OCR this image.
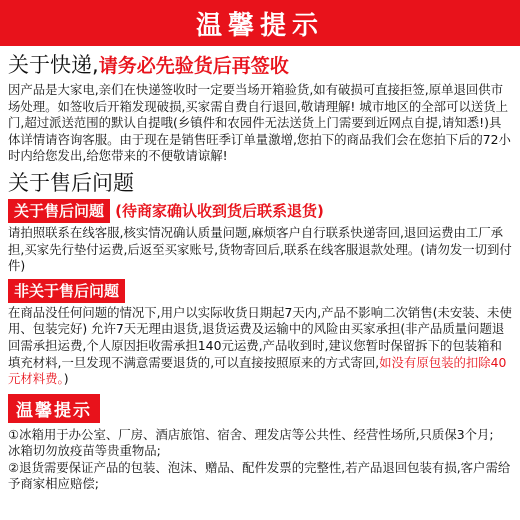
温馨提示
关于快递,请务必先验货后再签收

因产品是大家电,亲们在快递签收时一定要当场开箱验货,如有破损可直接拒签,原单退回供市场处理。如签收后开箱发现破损,买家需自费自行退回,敬请理解! 城市地区的全部可以送货上门,超过派送范围的默认自提哦(乡镇件和农园件无法送货上门需要到近网点自提,请知悉!)具体详情请咨询客服。由于现在是销售旺季订单量激增,您拍下的商品我们会在您拍下后的72小时内给您发出,给您带来的不便敬请谅解!

关于售后问题
关于售后问题 (待商家确认收到货后联系退货)

请拍照联系在线客服,核实情况确认质量问题,麻烦客户自行联系快递寄回,退回运费由工厂承担,买家先行垫付运费,后返至买家账号,货物寄回后,联系在线客服退款处理。(请勿发一切到付件)

非关于售后问题

在商品没任何问题的情况下,用户以实际收货日期起7天内,产品不影响二次销售(未安装、未使用、包装完好) 允许7天无理由退货,退货运费及运输中的风险由买家承担(非产品质量问题退回需承担运费,个人原因拒收需承担140元运费,产品收到时,建议您暂时保留拆下的包装箱和填充材料,一旦发现不满意需要退货的,可以直接按照原来的方式寄回,如没有原包装的扣除40元材料费。)

温馨提示
①冰箱用于办公室、厂房、酒店旅馆、宿舍、理发店等公共性、经营性场所,只质保3个月;
冰箱切勿放疫苗等贵重物品;
②退货需要保证产品的包装、泡沫、赠品、配件发票的完整性,若产品退回包装有损,客户需给予商家相应赔偿;
